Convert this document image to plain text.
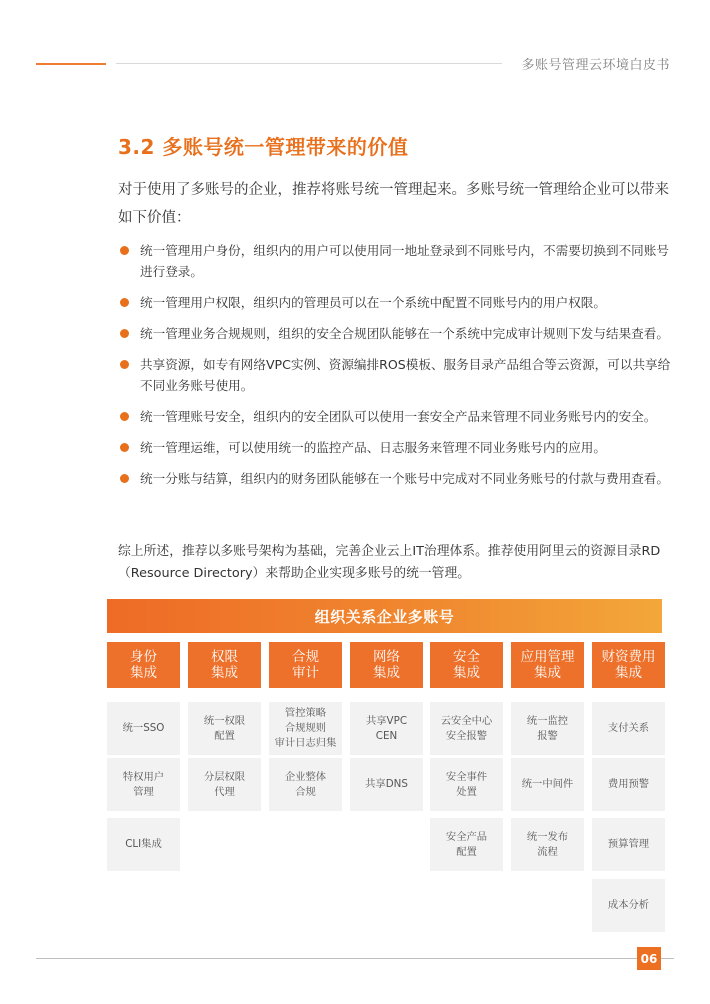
多账号管理云环境白皮书
3.2 多账号统一管理带来的价值
对于使用了多账号的企业，推荐将账号统一管理起来。多账号统一管理给企业可以带来如下价值：
统一管理用户身份，组织内的用户可以使用同一地址登录到不同账号内，不需要切换到不同账号进行登录。
统一管理用户权限，组织内的管理员可以在一个系统中配置不同账号内的用户权限。
统一管理业务合规规则，组织的安全合规团队能够在一个系统中完成审计规则下发与结果查看。
共享资源，如专有网络VPC实例、资源编排ROS模板、服务目录产品组合等云资源，可以共享给不同业务账号使用。
统一管理账号安全，组织内的安全团队可以使用一套安全产品来管理不同业务账号内的安全。
统一管理运维，可以使用统一的监控产品、日志服务来管理不同业务账号内的应用。
统一分账与结算，组织内的财务团队能够在一个账号中完成对不同业务账号的付款与费用查看。
综上所述，推荐以多账号架构为基础，完善企业云上IT治理体系。推荐使用阿里云的资源目录RD（Resource Directory）来帮助企业实现多账号的统一管理。
组织关系企业多账号
身份
集成
权限
集成
合规
审计
网络
集成
安全
集成
应用管理
集成
财资费用
集成
统一SSO
统一权限
配置
管控策略
合规规则
审计日志归集
共享VPC
CEN
云安全中心
安全报警
统一监控
报警
支付关系
特权用户
管理
分层权限
代理
企业整体
合规
共享DNS
安全事件
处置
统一中间件	费用预警
CLI集成
安全产品
配置
统一发布
流程
预算管理
成本分析
06
